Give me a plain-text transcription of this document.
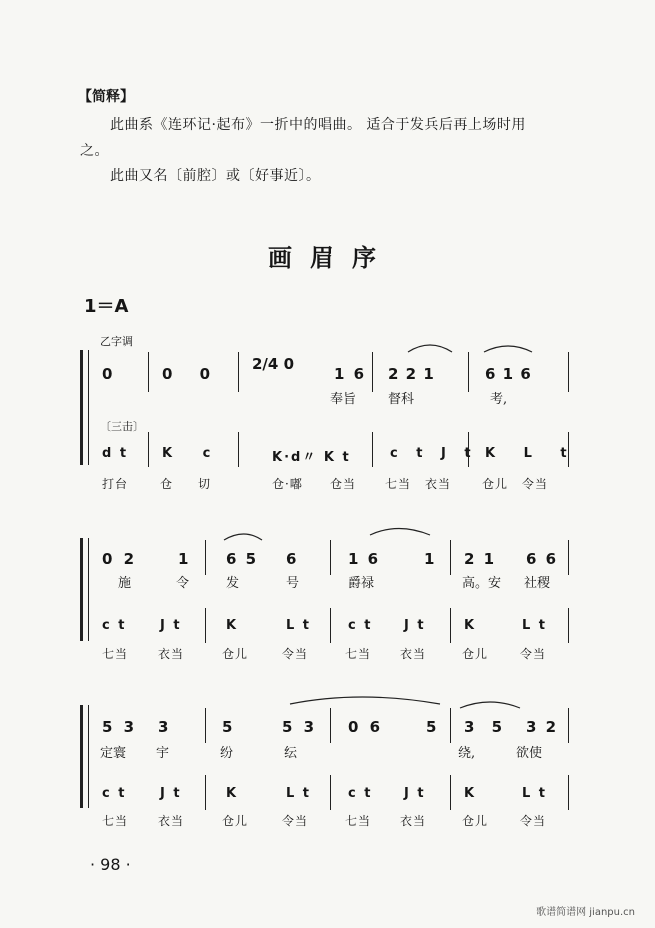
【简释】
此曲系《连环记·起布》一折中的唱曲。 适合于发兵后再上场时用
之。
此曲又名〔前腔〕或〔好事近〕。
画眉序
1＝A
乙字调
0	0 0
2/4 0
1 6 2 2 1	6 1 6
奉旨 督科	考,
〔三击〕
d t	K c	K·d〃 K t	c t J t K L t
打台	仓 切	仓·嘟 仓当 七当 衣当	仓儿 令当
0 2	1	6 5 6	1 6	1 2 1 6 6
施	令	发	号	爵禄	高。安 社稷
c t	J t	K	L t	c t J t	K	L t
七当 衣当	仓儿	令当	七当 衣当	仓儿	令当
5 3 3	5	5 3 0 6	5 3 5 3 2
定寰 宇	纷	纭	绕,	欲使
c t	J t	K	L t	c t J t	K	L t
七当 衣当	仓儿	令当	七当 衣当	仓儿	令当
· 98 ·
歌谱简谱网 jianpu.cn
